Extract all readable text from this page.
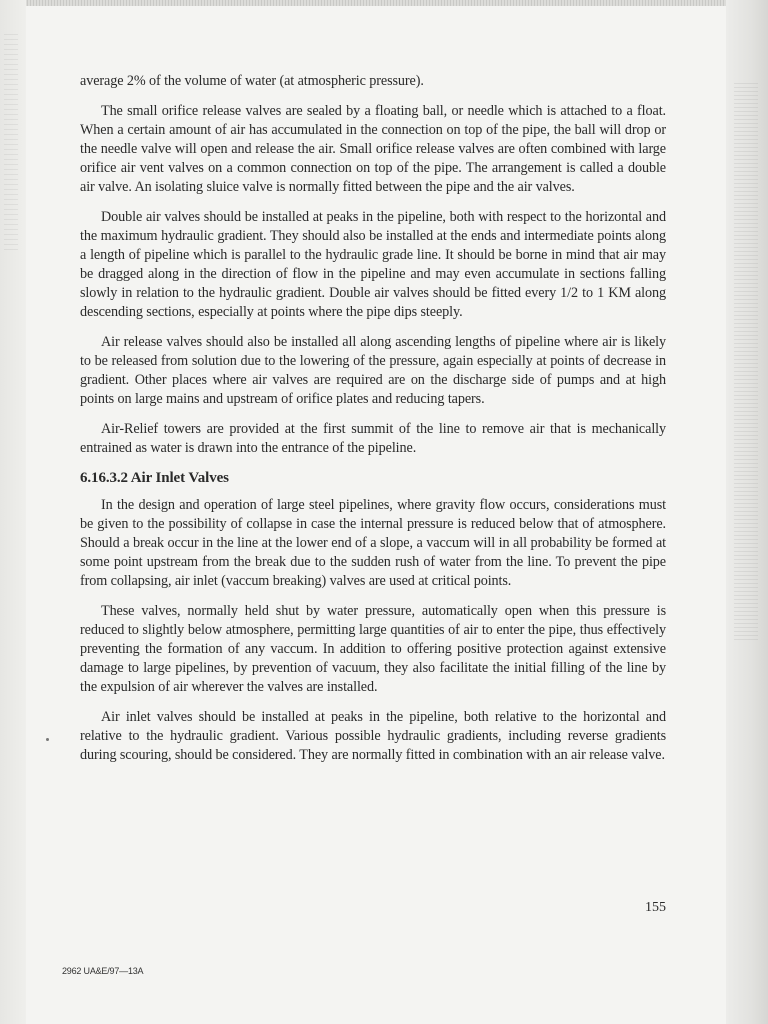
average 2% of the volume of water (at atmospheric pressure).

The small orifice release valves are sealed by a floating ball, or needle which is attached to a float. When a certain amount of air has accumulated in the connection on top of the pipe, the ball will drop or the needle valve will open and release the air. Small orifice release valves are often combined with large orifice air vent valves on a common connection on top of the pipe. The arrangement is called a double air valve. An isolating sluice valve is normally fitted between the pipe and the air valves.

Double air valves should be installed at peaks in the pipeline, both with respect to the horizontal and the maximum hydraulic gradient. They should also be installed at the ends and intermediate points along a length of pipeline which is parallel to the hydraulic grade line. It should be borne in mind that air may be dragged along in the direction of flow in the pipeline and may even accumulate in sections falling slowly in relation to the hydraulic gradient. Double air valves should be fitted every 1/2 to 1 KM along descending sections, especially at points where the pipe dips steeply.

Air release valves should also be installed all along ascending lengths of pipeline where air is likely to be released from solution due to the lowering of the pressure, again especially at points of decrease in gradient. Other places where air valves are required are on the discharge side of pumps and at high points on large mains and upstream of orifice plates and reducing tapers.

Air-Relief towers are provided at the first summit of the line to remove air that is mechanically entrained as water is drawn into the entrance of the pipeline.

6.16.3.2 Air Inlet Valves

In the design and operation of large steel pipelines, where gravity flow occurs, considerations must be given to the possibility of collapse in case the internal pressure is reduced below that of atmosphere. Should a break occur in the line at the lower end of a slope, a vaccum will in all probability be formed at some point upstream from the break due to the sudden rush of water from the line. To prevent the pipe from collapsing, air inlet (vaccum breaking) valves are used at critical points.

These valves, normally held shut by water pressure, automatically open when this pressure is reduced to slightly below atmosphere, permitting large quantities of air to enter the pipe, thus effectively preventing the formation of any vaccum. In addition to offering positive protection against extensive damage to large pipelines, by prevention of vacuum, they also facilitate the initial filling of the line by the expulsion of air wherever the valves are installed.

Air inlet valves should be installed at peaks in the pipeline, both relative to the horizontal and relative to the hydraulic gradient. Various possible hydraulic gradients, including reverse gradients during scouring, should be considered. They are normally fitted in combination with an air release valve.

155
2962 UA&E/97—13A
